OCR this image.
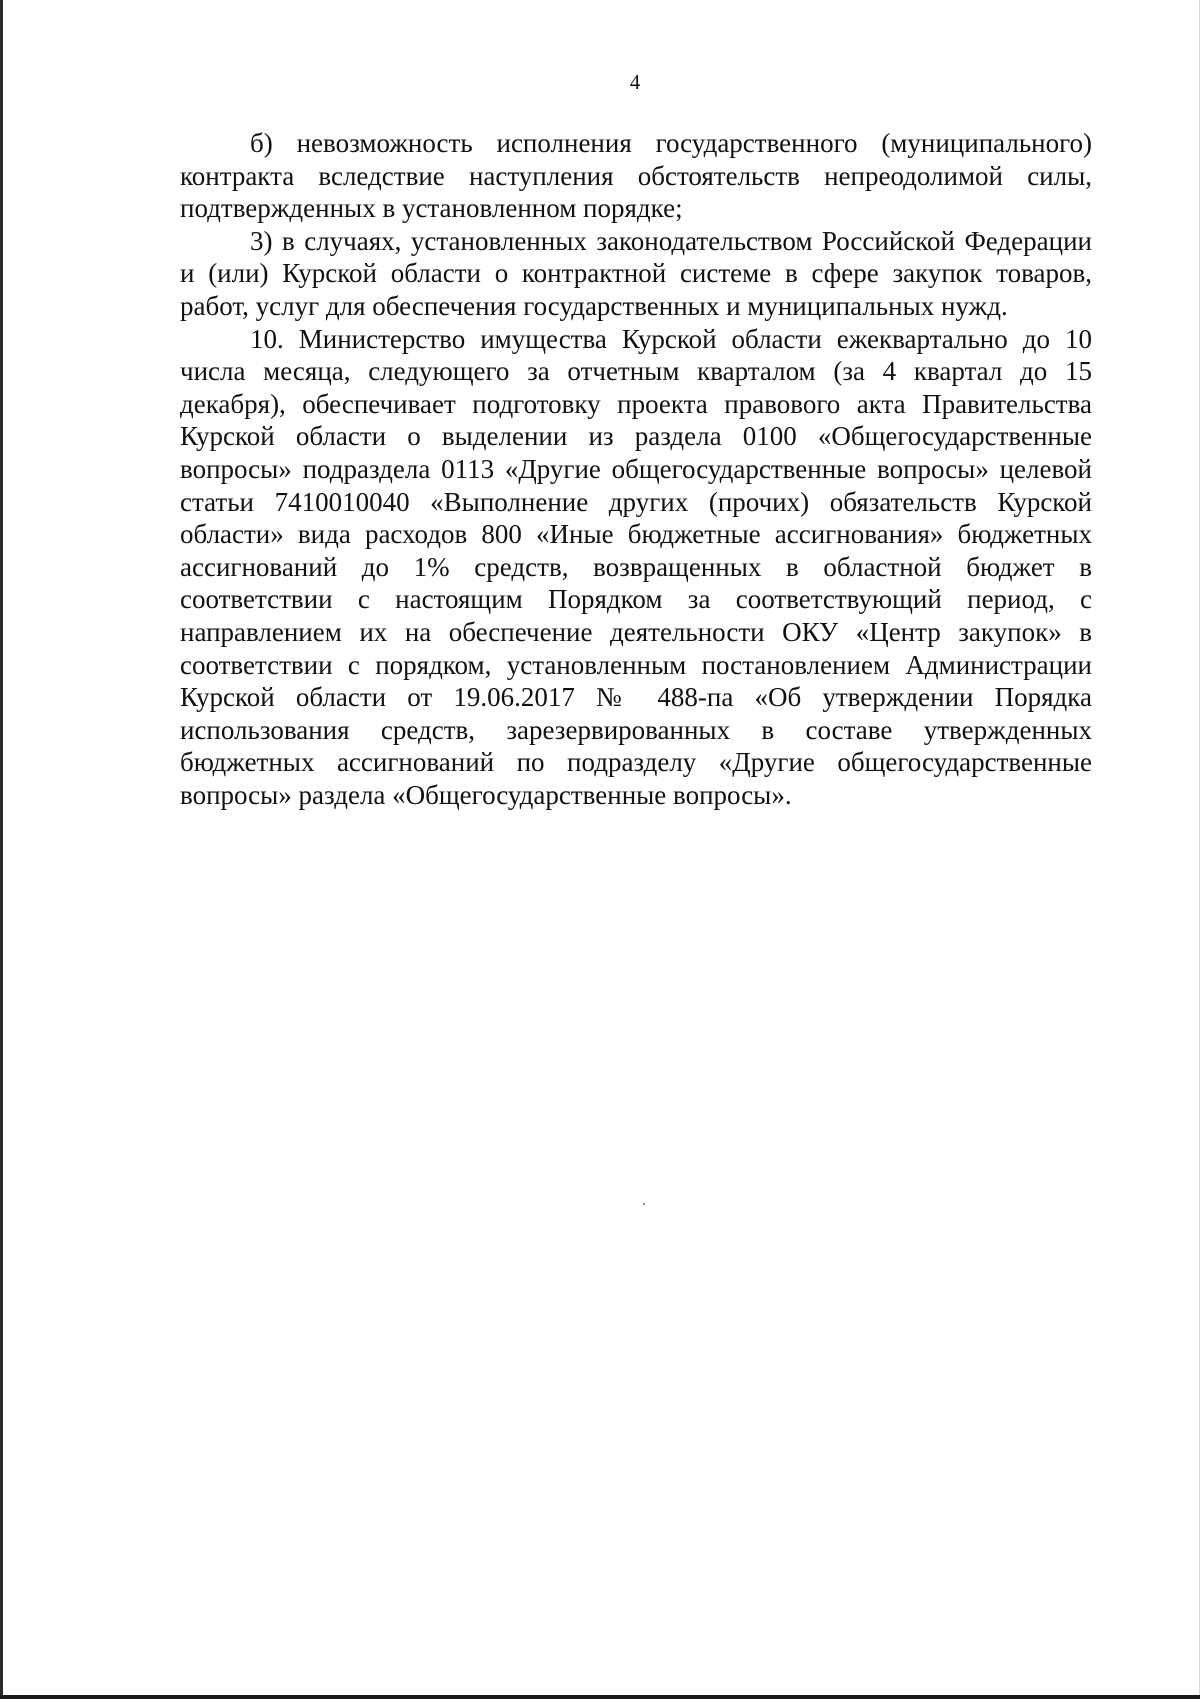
4

б) невозможность исполнения государственного (муниципального) контракта вследствие наступления обстоятельств непреодолимой силы, подтвержденных в установленном порядке;

3) в случаях, установленных законодательством Российской Федерации и (или) Курской области о контрактной системе в сфере закупок товаров, работ, услуг для обеспечения государственных и муниципальных нужд.

10. Министерство имущества Курской области ежеквартально до 10 числа месяца, следующего за отчетным кварталом (за 4 квартал до 15 декабря), обеспечивает подготовку проекта правового акта Правительства Курской области о выделении из раздела 0100 «Общегосударственные вопросы» подраздела 0113 «Другие общегосударственные вопросы» целевой статьи 7410010040 «Выполнение других (прочих) обязательств Курской области» вида расходов 800 «Иные бюджетные ассигнования» бюджетных ассигнований до 1% средств, возвращенных в областной бюджет в соответствии с настоящим Порядком за соответствующий период, с направлением их на обеспечение деятельности ОКУ «Центр закупок» в соответствии с порядком, установленным постановлением Администрации Курской области от 19.06.2017 № 488-па «Об утверждении Порядка использования средств, зарезервированных в составе утвержденных бюджетных ассигнований по подразделу «Другие общегосударственные вопросы» раздела «Общегосударственные вопросы».
